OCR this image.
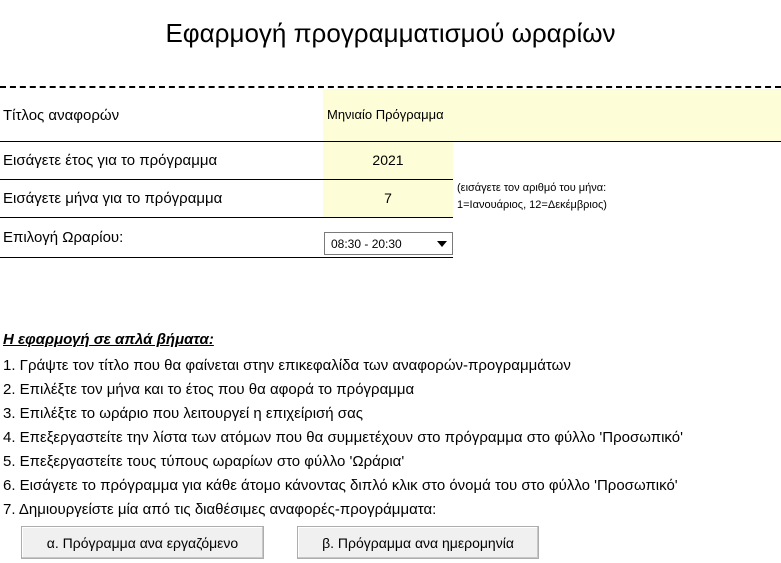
Εφαρμογή προγραμματισμού ωραρίων
Τίτλος αναφορών
Εισάγετε έτος για το πρόγραμμα
Εισάγετε μήνα για το πρόγραμμα
Επιλογή Ωραρίου:
Μηνιαίο Πρόγραμμα
2021
7
(εισάγετε τον αριθμό του μήνα:
1=Ιανουάριος, 12=Δεκέμβριος)
08:30 - 20:30
Η εφαρμογή σε απλά βήματα:
1. Γράψτε τον τίτλο που θα φαίνεται στην επικεφαλίδα των αναφορών-προγραμμάτων
2. Επιλέξτε τον μήνα και το έτος που θα αφορά το πρόγραμμα
3. Επιλέξτε το ωράριο που λειτουργεί η επιχείρισή σας
4. Επεξεργαστείτε την λίστα των ατόμων που θα συμμετέχουν στο πρόγραμμα στο φύλλο 'Προσωπικό'
5. Επεξεργαστείτε τους τύπους ωραρίων στο φύλλο 'Ωράρια'
6. Εισάγετε το πρόγραμμα για κάθε άτομο κάνοντας διπλό κλικ στο όνομά του στο φύλλο 'Προσωπικό'
7. Δημιουργείστε μία από τις διαθέσιμες αναφορές-προγράμματα:
α. Πρόγραμμα ανα εργαζόμενο	β. Πρόγραμμα ανα ημερομηνία
